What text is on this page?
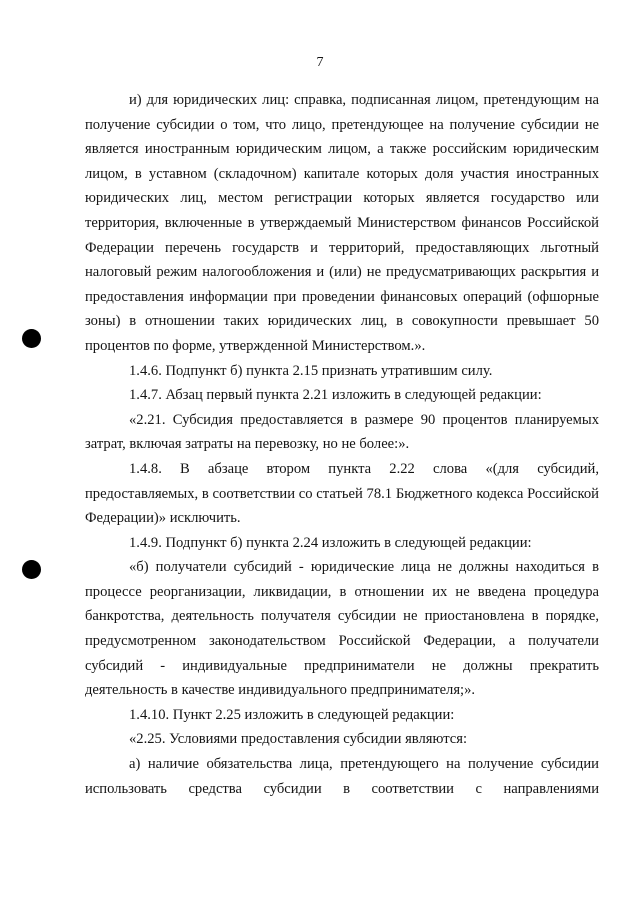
7

и) для юридических лиц: справка, подписанная лицом, претендующим на получение субсидии о том, что лицо, претендующее на получение субсидии не является иностранным юридическим лицом, а также российским юридическим лицом, в уставном (складочном) капитале которых доля участия иностранных юридических лиц, местом регистрации которых является государство или территория, включенные в утверждаемый Министерством финансов Российской Федерации перечень государств и территорий, предоставляющих льготный налоговый режим налогообложения и (или) не предусматривающих раскрытия и предоставления информации при проведении финансовых операций (офшорные зоны) в отношении таких юридических лиц, в совокупности превышает 50 процентов по форме, утвержденной Министерством.».

1.4.6. Подпункт б) пункта 2.15 признать утратившим силу.

1.4.7. Абзац первый пункта 2.21 изложить в следующей редакции:

«2.21. Субсидия предоставляется в размере 90 процентов планируемых затрат, включая затраты на перевозку, но не более:».

1.4.8. В абзаце втором пункта 2.22 слова «(для субсидий, предоставляемых, в соответствии со статьей 78.1 Бюджетного кодекса Российской Федерации)» исключить.

1.4.9. Подпункт б) пункта 2.24 изложить в следующей редакции:

«б) получатели субсидий - юридические лица не должны находиться в процессе реорганизации, ликвидации, в отношении их не введена процедура банкротства, деятельность получателя субсидии не приостановлена в порядке, предусмотренном законодательством Российской Федерации, а получатели субсидий - индивидуальные предприниматели не должны прекратить деятельность в качестве индивидуального предпринимателя;».

1.4.10. Пункт 2.25 изложить в следующей редакции:

«2.25. Условиями предоставления субсидии являются:

а) наличие обязательства лица, претендующего на получение субсидии использовать средства субсидии в соответствии с направлениями
